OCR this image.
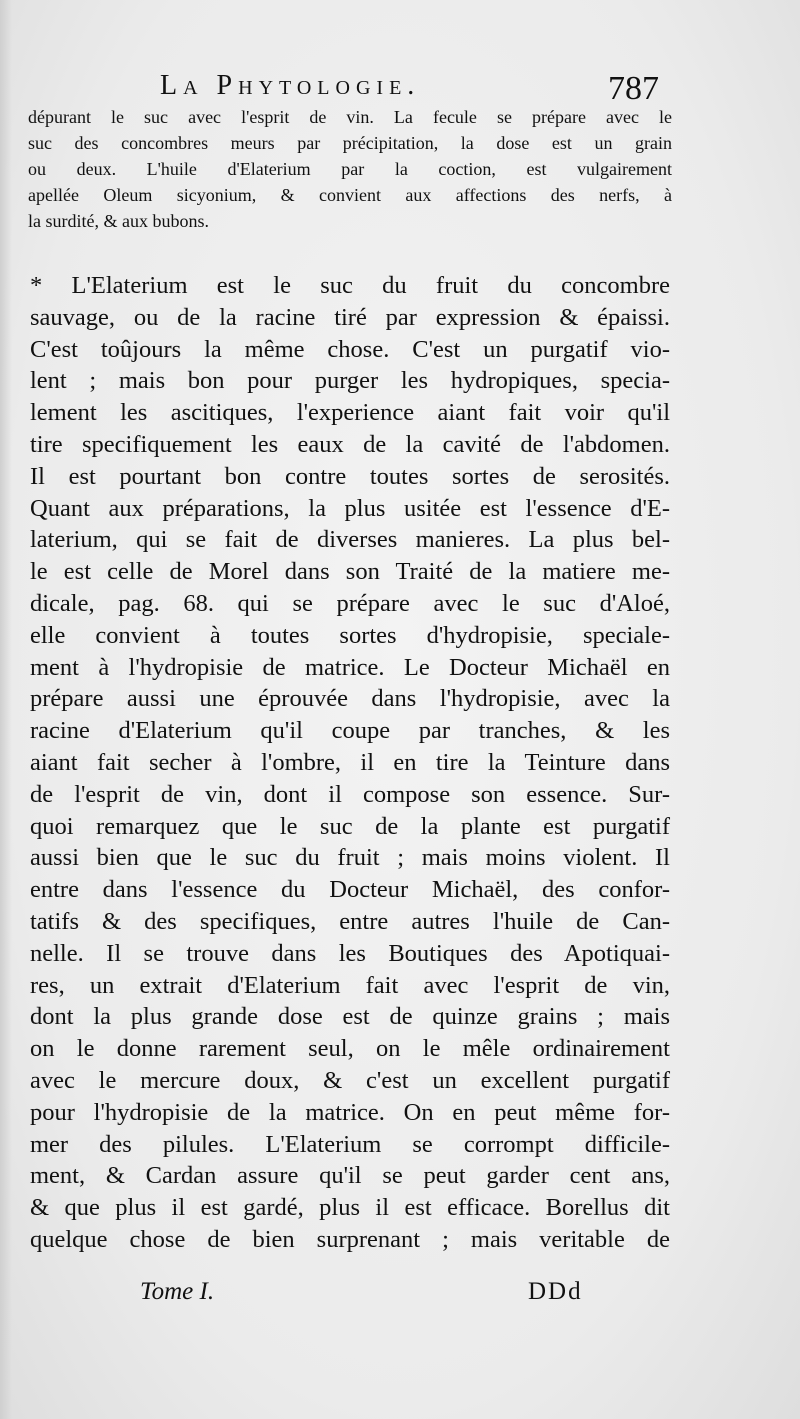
La Phytologie.	787
dépurant le suc avec l'esprit de vin. La fecule se prépare avec le
suc des concombres meurs par précipitation, la dose est un grain
ou deux. L'huile d'Elaterium par la coction, est vulgairement
apellée Oleum sicyonium, & convient aux affections des nerfs, à
la surdité, & aux bubons.
* L'Elaterium est le suc du fruit du concombre
sauvage, ou de la racine tiré par expression & épaissi.
C'est toûjours la même chose. C'est un purgatif vio-
lent ; mais bon pour purger les hydropiques, specia-
lement les ascitiques, l'experience aiant fait voir qu'il
tire specifiquement les eaux de la cavité de l'abdomen.
Il est pourtant bon contre toutes sortes de serosités.
Quant aux préparations, la plus usitée est l'essence d'E-
laterium, qui se fait de diverses manieres. La plus bel-
le est celle de Morel dans son Traité de la matiere me-
dicale, pag. 68. qui se prépare avec le suc d'Aloé,
elle convient à toutes sortes d'hydropisie, speciale-
ment à l'hydropisie de matrice. Le Docteur Michaël en
prépare aussi une éprouvée dans l'hydropisie, avec la
racine d'Elaterium qu'il coupe par tranches, & les
aiant fait secher à l'ombre, il en tire la Teinture dans
de l'esprit de vin, dont il compose son essence. Sur-
quoi remarquez que le suc de la plante est purgatif
aussi bien que le suc du fruit ; mais moins violent. Il
entre dans l'essence du Docteur Michaël, des confor-
tatifs & des specifiques, entre autres l'huile de Can-
nelle. Il se trouve dans les Boutiques des Apotiquai-
res, un extrait d'Elaterium fait avec l'esprit de vin,
dont la plus grande dose est de quinze grains ; mais
on le donne rarement seul, on le mêle ordinairement
avec le mercure doux, & c'est un excellent purgatif
pour l'hydropisie de la matrice. On en peut même for-
mer des pilules. L'Elaterium se corrompt difficile-
ment, & Cardan assure qu'il se peut garder cent ans,
& que plus il est gardé, plus il est efficace. Borellus dit
quelque chose de bien surprenant ; mais veritable de
Tome I.	DDd
